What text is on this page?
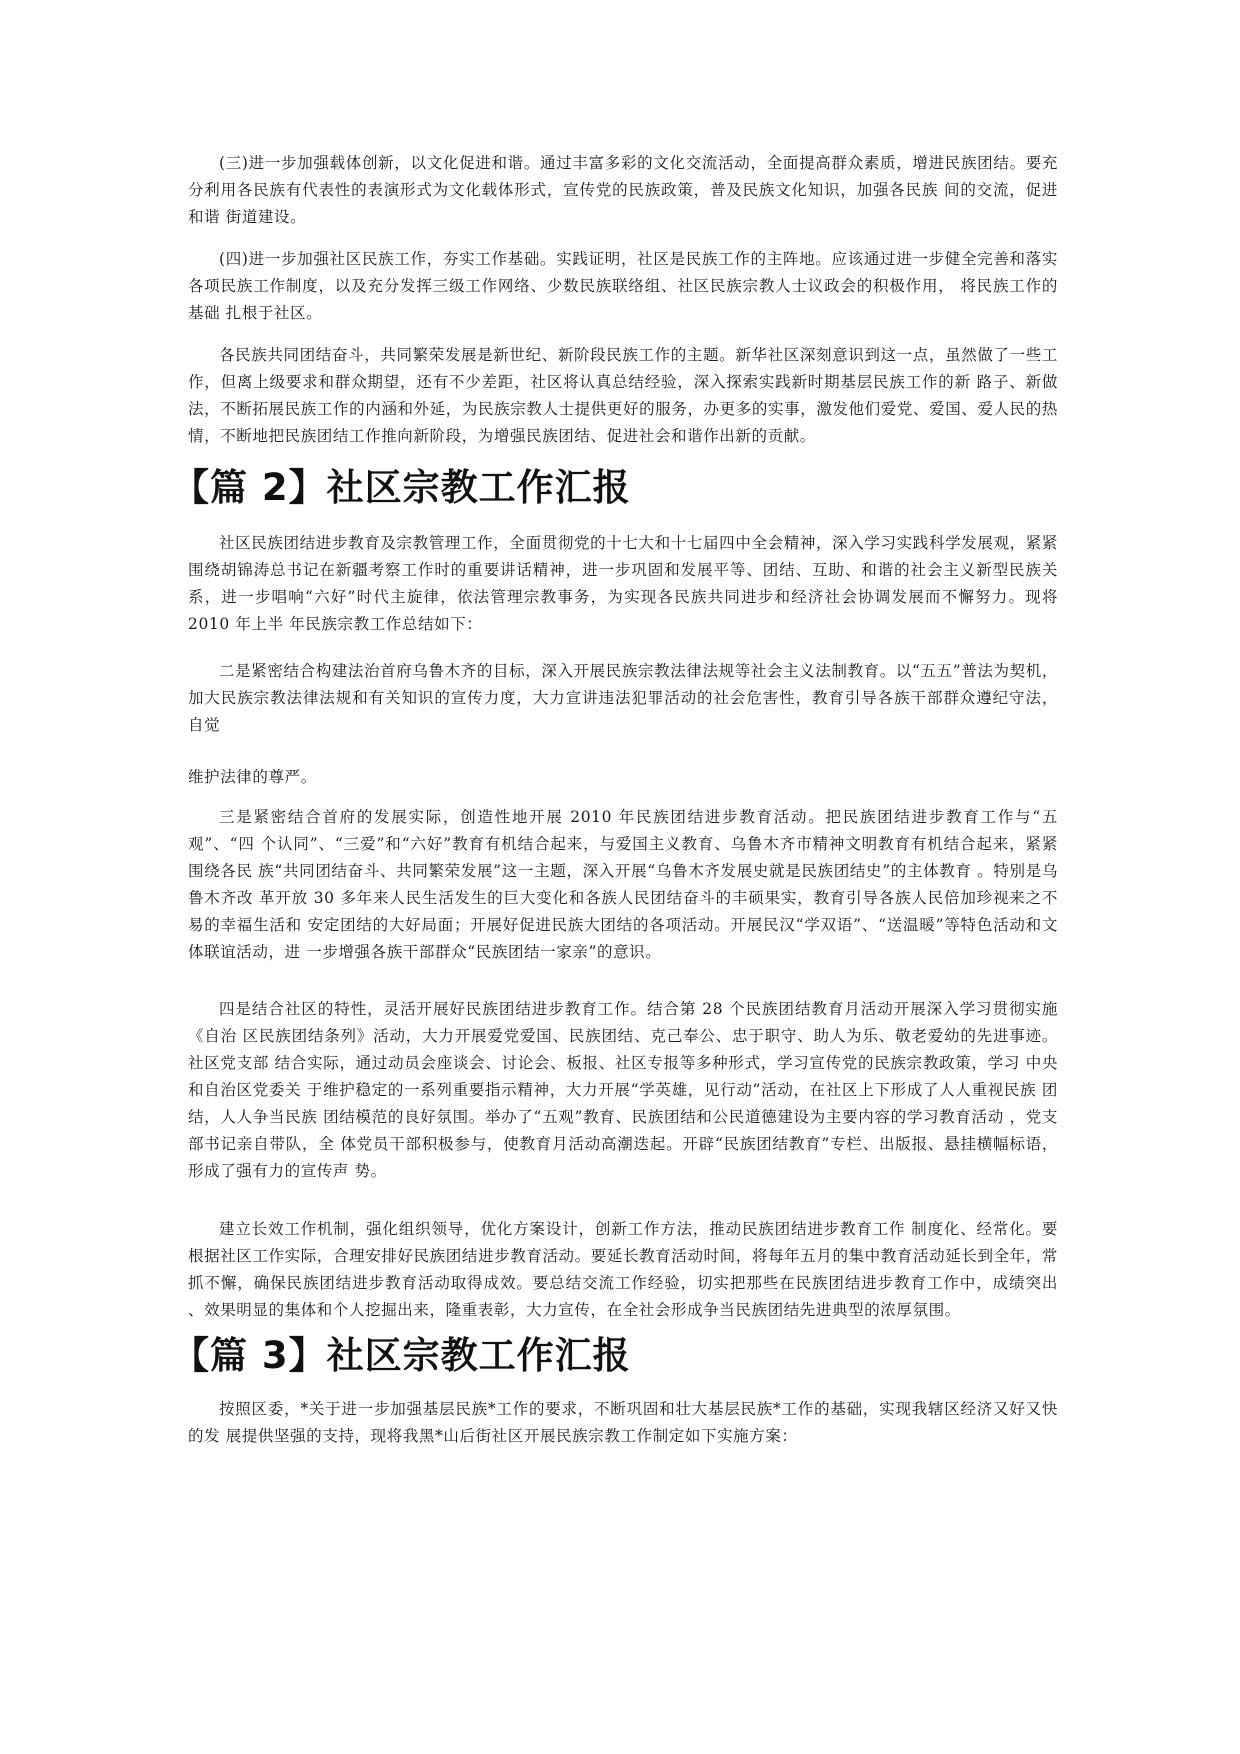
(三)进一步加强载体创新，以文化促进和谐。通过丰富多彩的文化交流活动，全面提高群众素质，增进民族团结。要充分利用各民族有代表性的表演形式为文化载体形式，宣传党的民族政策，普及民族文化知识，加强各民族 间的交流，促进和谐 街道建设。

(四)进一步加强社区民族工作，夯实工作基础。实践证明，社区是民族工作的主阵地。应该通过进一步健全完善和落实各项民族工作制度，以及充分发挥三级工作网络、少数民族联络组、社区民族宗教人士议政会的积极作用， 将民族工作的基础 扎根于社区。

各民族共同团结奋斗，共同繁荣发展是新世纪、新阶段民族工作的主题。新华社区深刻意识到这一点，虽然做了一些工作，但离上级要求和群众期望，还有不少差距，社区将认真总结经验，深入探索实践新时期基层民族工作的新 路子、新做法，不断拓展民族工作的内涵和外延，为民族宗教人士提供更好的服务，办更多的实事，激发他们爱党、爱国、爱人民的热情，不断地把民族团结工作推向新阶段，为增强民族团结、促进社会和谐作出新的贡献。

【篇 2】社区宗教工作汇报

社区民族团结进步教育及宗教管理工作，全面贯彻党的十七大和十七届四中全会精神，深入学习实践科学发展观，紧紧 围绕胡锦涛总书记在新疆考察工作时的重要讲话精神，进一步巩固和发展平等、团结、互助、和谐的社会主义新型民族关系，进一步唱响“六好”时代主旋律，依法管理宗教事务，为实现各民族共同进步和经济社会协调发展而不懈努力。现将 2010 年上半 年民族宗教工作总结如下：

二是紧密结合构建法治首府乌鲁木齐的目标，深入开展民族宗教法律法规等社会主义法制教育。以“五五”普法为契机，加大民族宗教法律法规和有关知识的宣传力度，大力宣讲违法犯罪活动的社会危害性，教育引导各族干部群众遵纪守法， 自觉

维护法律的尊严。

三是紧密结合首府的发展实际，创造性地开展 2010 年民族团结进步教育活动。把民族团结进步教育工作与“五观”、“四 个认同”、“三爱”和“六好”教育有机结合起来，与爱国主义教育、乌鲁木齐市精神文明教育有机结合起来，紧紧围绕各民 族“共同团结奋斗、共同繁荣发展”这一主题，深入开展“乌鲁木齐发展史就是民族团结史”的主体教育 。特别是乌鲁木齐改 革开放 30 多年来人民生活发生的巨大变化和各族人民团结奋斗的丰硕果实，教育引导各族人民倍加珍视来之不易的幸福生活和 安定团结的大好局面；开展好促进民族大团结的各项活动。开展民汉“学双语”、“送温暖”等特色活动和文体联谊活动，进 一步增强各族干部群众“民族团结一家亲”的意识。

四是结合社区的特性，灵活开展好民族团结进步教育工作。结合第 28 个民族团结教育月活动开展深入学习贯彻实施《自治 区民族团结条列》活动，大力开展爱党爱国、民族团结、克己奉公、忠于职守、助人为乐、敬老爱幼的先进事迹。社区党支部 结合实际，通过动员会座谈会、讨论会、板报、社区专报等多种形式，学习宣传党的民族宗教政策，学习 中央和自治区党委关 于维护稳定的一系列重要指示精神，大力开展“学英雄，见行动”活动，在社区上下形成了人人重视民族 团结，人人争当民族 团结模范的良好氛围。举办了“五观”教育、民族团结和公民道德建设为主要内容的学习教育活动 ，党支部书记亲自带队，全 体党员干部积极参与，使教育月活动高潮迭起。开辟“民族团结教育”专栏、出版报、悬挂横幅标语，形成了强有力的宣传声 势。

建立长效工作机制，强化组织领导，优化方案设计，创新工作方法，推动民族团结进步教育工作 制度化、经常化。要根据社区工作实际，合理安排好民族团结进步教育活动。要延长教育活动时间，将每年五月的集中教育活动延长到全年，常抓不懈，确保民族团结进步教育活动取得成效。要总结交流工作经验，切实把那些在民族团结进步教育工作中，成绩突出 、效果明显的集体和个人挖掘出来，隆重表彰，大力宣传，在全社会形成争当民族团结先进典型的浓厚氛围。

【篇 3】社区宗教工作汇报

按照区委，*关于进一步加强基层民族*工作的要求，不断巩固和壮大基层民族*工作的基础，实现我辖区经济又好又快的发 展提供坚强的支持，现将我黑*山后街社区开展民族宗教工作制定如下实施方案：
